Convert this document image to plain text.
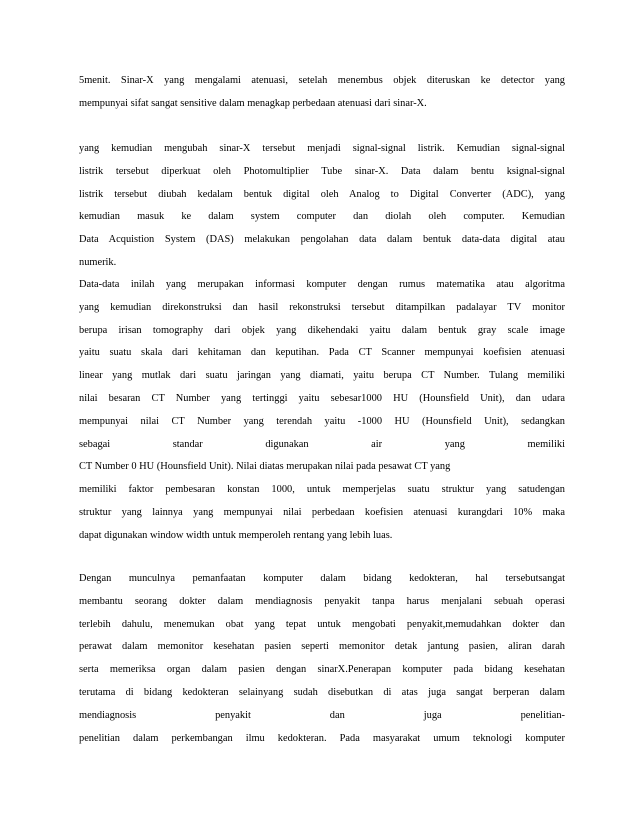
5menit. Sinar-X yang mengalami atenuasi, setelah menembus objek diteruskan ke detector yang
mempunyai sifat sangat sensitive dalam menagkap perbedaan atenuasi dari sinar-X.
yang kemudian mengubah sinar-X tersebut menjadi signal-signal listrik. Kemudian signal-signal
listrik tersebut diperkuat oleh Photomultiplier Tube sinar-X. Data dalam bentu ksignal-signal
listrik tersebut diubah kedalam bentuk digital oleh Analog to Digital Converter (ADC), yang
kemudian masuk ke dalam system computer dan diolah oleh computer. Kemudian
Data Acquistion System (DAS) melakukan pengolahan data dalam bentuk data-data digital atau
numerik.
Data-data inilah yang merupakan informasi komputer dengan rumus matematika atau algoritma
yang kemudian direkonstruksi dan hasil rekonstruksi tersebut ditampilkan padalayar TV monitor
berupa irisan tomography dari objek yang dikehendaki yaitu dalam bentuk gray scale image
yaitu suatu skala dari kehitaman dan keputihan. Pada CT Scanner mempunyai koefisien atenuasi
linear yang mutlak dari suatu jaringan yang diamati, yaitu berupa CT Number. Tulang memiliki
nilai besaran CT Number yang tertinggi yaitu sebesar1000 HU (Hounsfield Unit), dan udara
mempunyai nilai CT Number yang terendah yaitu -1000 HU (Hounsfield Unit), sedangkan
sebagai standar digunakan air yang memiliki
CT Number 0 HU (Hounsfield Unit). Nilai diatas merupakan nilai pada pesawat CT yang
memiliki faktor pembesaran konstan 1000, untuk memperjelas suatu struktur yang satudengan
struktur yang lainnya yang mempunyai nilai perbedaan koefisien atenuasi kurangdari 10% maka
dapat digunakan window width untuk memperoleh rentang yang lebih luas.
Dengan munculnya pemanfaatan komputer dalam bidang kedokteran, hal tersebutsangat
membantu seorang dokter dalam mendiagnosis penyakit tanpa harus menjalani sebuah operasi
terlebih dahulu, menemukan obat yang tepat untuk mengobati penyakit,memudahkan dokter dan
perawat dalam memonitor kesehatan pasien seperti memonitor detak jantung pasien, aliran darah
serta memeriksa organ dalam pasien dengan sinarX.Penerapan komputer pada bidang kesehatan
terutama di bidang kedokteran selainyang sudah disebutkan di atas juga sangat berperan dalam
mendiagnosis penyakit dan juga penelitian-
penelitian dalam perkembangan ilmu kedokteran. Pada masyarakat umum teknologi komputer
